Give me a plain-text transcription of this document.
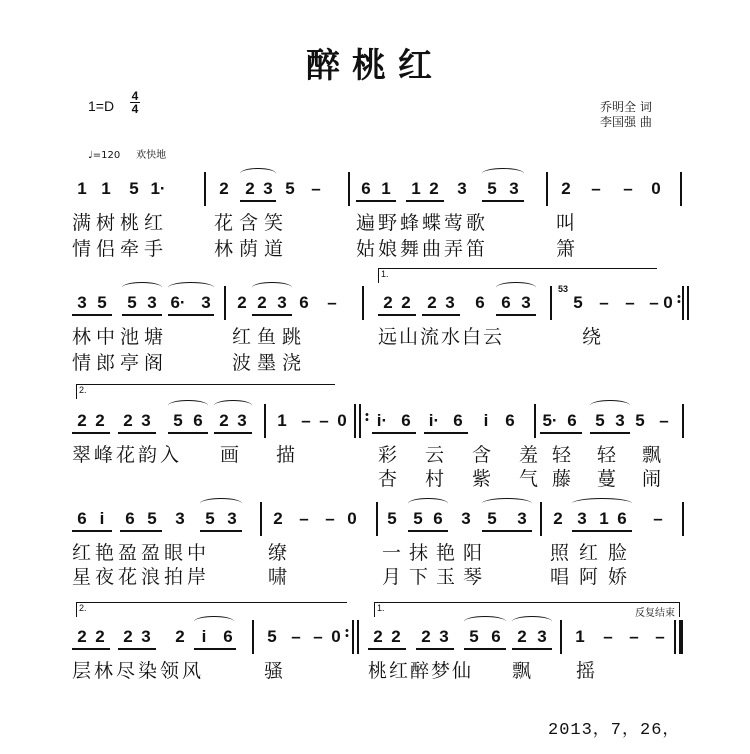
醉桃红
1=D
4
4	乔明全 词
李国强 曲
♩=120 欢快地
1 1	5 1·	2 2 3 5 –	6 1	1 2	3	5 3	2	–	–	0
满树桃红 花含笑	遍野蜂蝶莺歌	叫
情侣牵手 林荫道	姑娘舞曲弄笛	箫
1.
3 5	5 3 6· 3	2 2 3 6	–	2 2 2 3	6 6 3
53
5 – – – 0 :
林中池塘	红鱼跳	远山流水白云	绕
情郎亭阁	波墨浇
2.
2 2	2 3	5 6 2 3	1 – – 0	: i· 6	i· 6	i 6	5· 6	5 3 5 –
翠峰花韵入 画 描	彩云含羞
轻轻飘
杏村紫气
藤蔓闹
6 i	6 5	3	5 3	2 – – 0	5 5 6	3 5	3	2 3 1 6	–
红艳盈盈眼中	缭	一抹艳阳	照红脸
星夜花浪拍岸	啸	月下玉琴	唱阿娇
2.	1.	反复结束
2 2	2 3	2 i 6	5 – – 0 :	2 2	2 3	5 6 2 3	1	– – –
层林尽染领风	骚	桃红醉梦仙 飘 摇
2013，7，26，
